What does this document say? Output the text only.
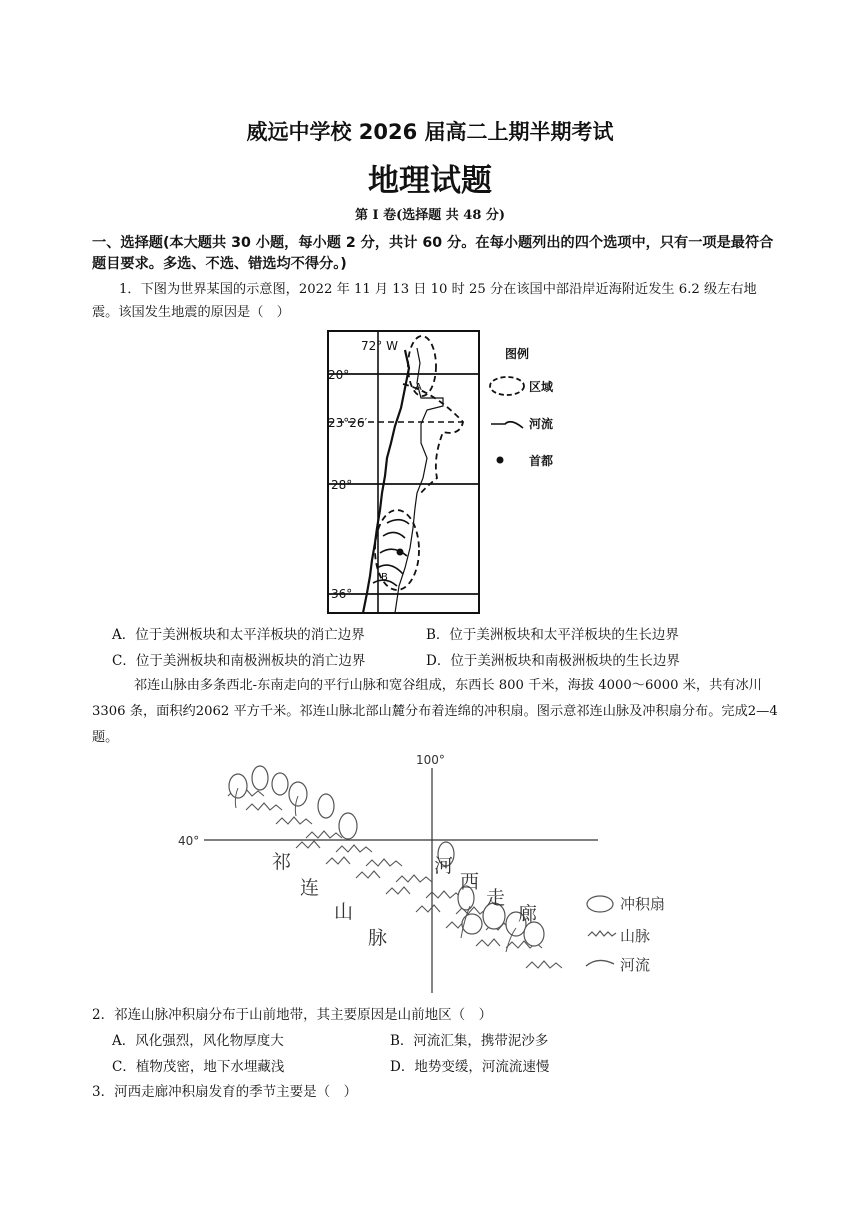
威远中学校 2026 届高二上期半期考试
地理试题
第 I 卷(选择题 共 48 分)
一、选择题(本大题共 30 小题，每小题 2 分，共计 60 分。在每小题列出的四个选项中，只有一项是最符合题目要求。多选、不选、错选均不得分。)
1．下图为世界某国的示意图，2022 年 11 月 13 日 10 时 25 分在该国中部沿岸近海附近发生 6.2 级左右地震。该国发生地震的原因是（　）
72° W
20°
23°26′
28°
36°
A
B
图例
区域
河流
首都
A．位于美洲板块和太平洋板块的消亡边界	B．位于美洲板块和太平洋板块的生长边界
C．位于美洲板块和南极洲板块的消亡边界	D．位于美洲板块和南极洲板块的生长边界
祁连山脉由多条西北-东南走向的平行山脉和宽谷组成，东西长 800 千米，海拔 4000～6000 米，共有冰川3306 条，面积约2062 平方千米。祁连山脉北部山麓分布着连绵的冲积扇。图示意祁连山脉及冲积扇分布。完成2—4 题。
100°
40°
祁
连
山
脉
河
西
走
廊	冲积扇
山脉
河流
2．祁连山脉冲积扇分布于山前地带，其主要原因是山前地区（　）
A．风化强烈，风化物厚度大	B．河流汇集，携带泥沙多
C．植物茂密，地下水埋藏浅	D．地势变缓，河流流速慢
3．河西走廊冲积扇发育的季节主要是（　）
